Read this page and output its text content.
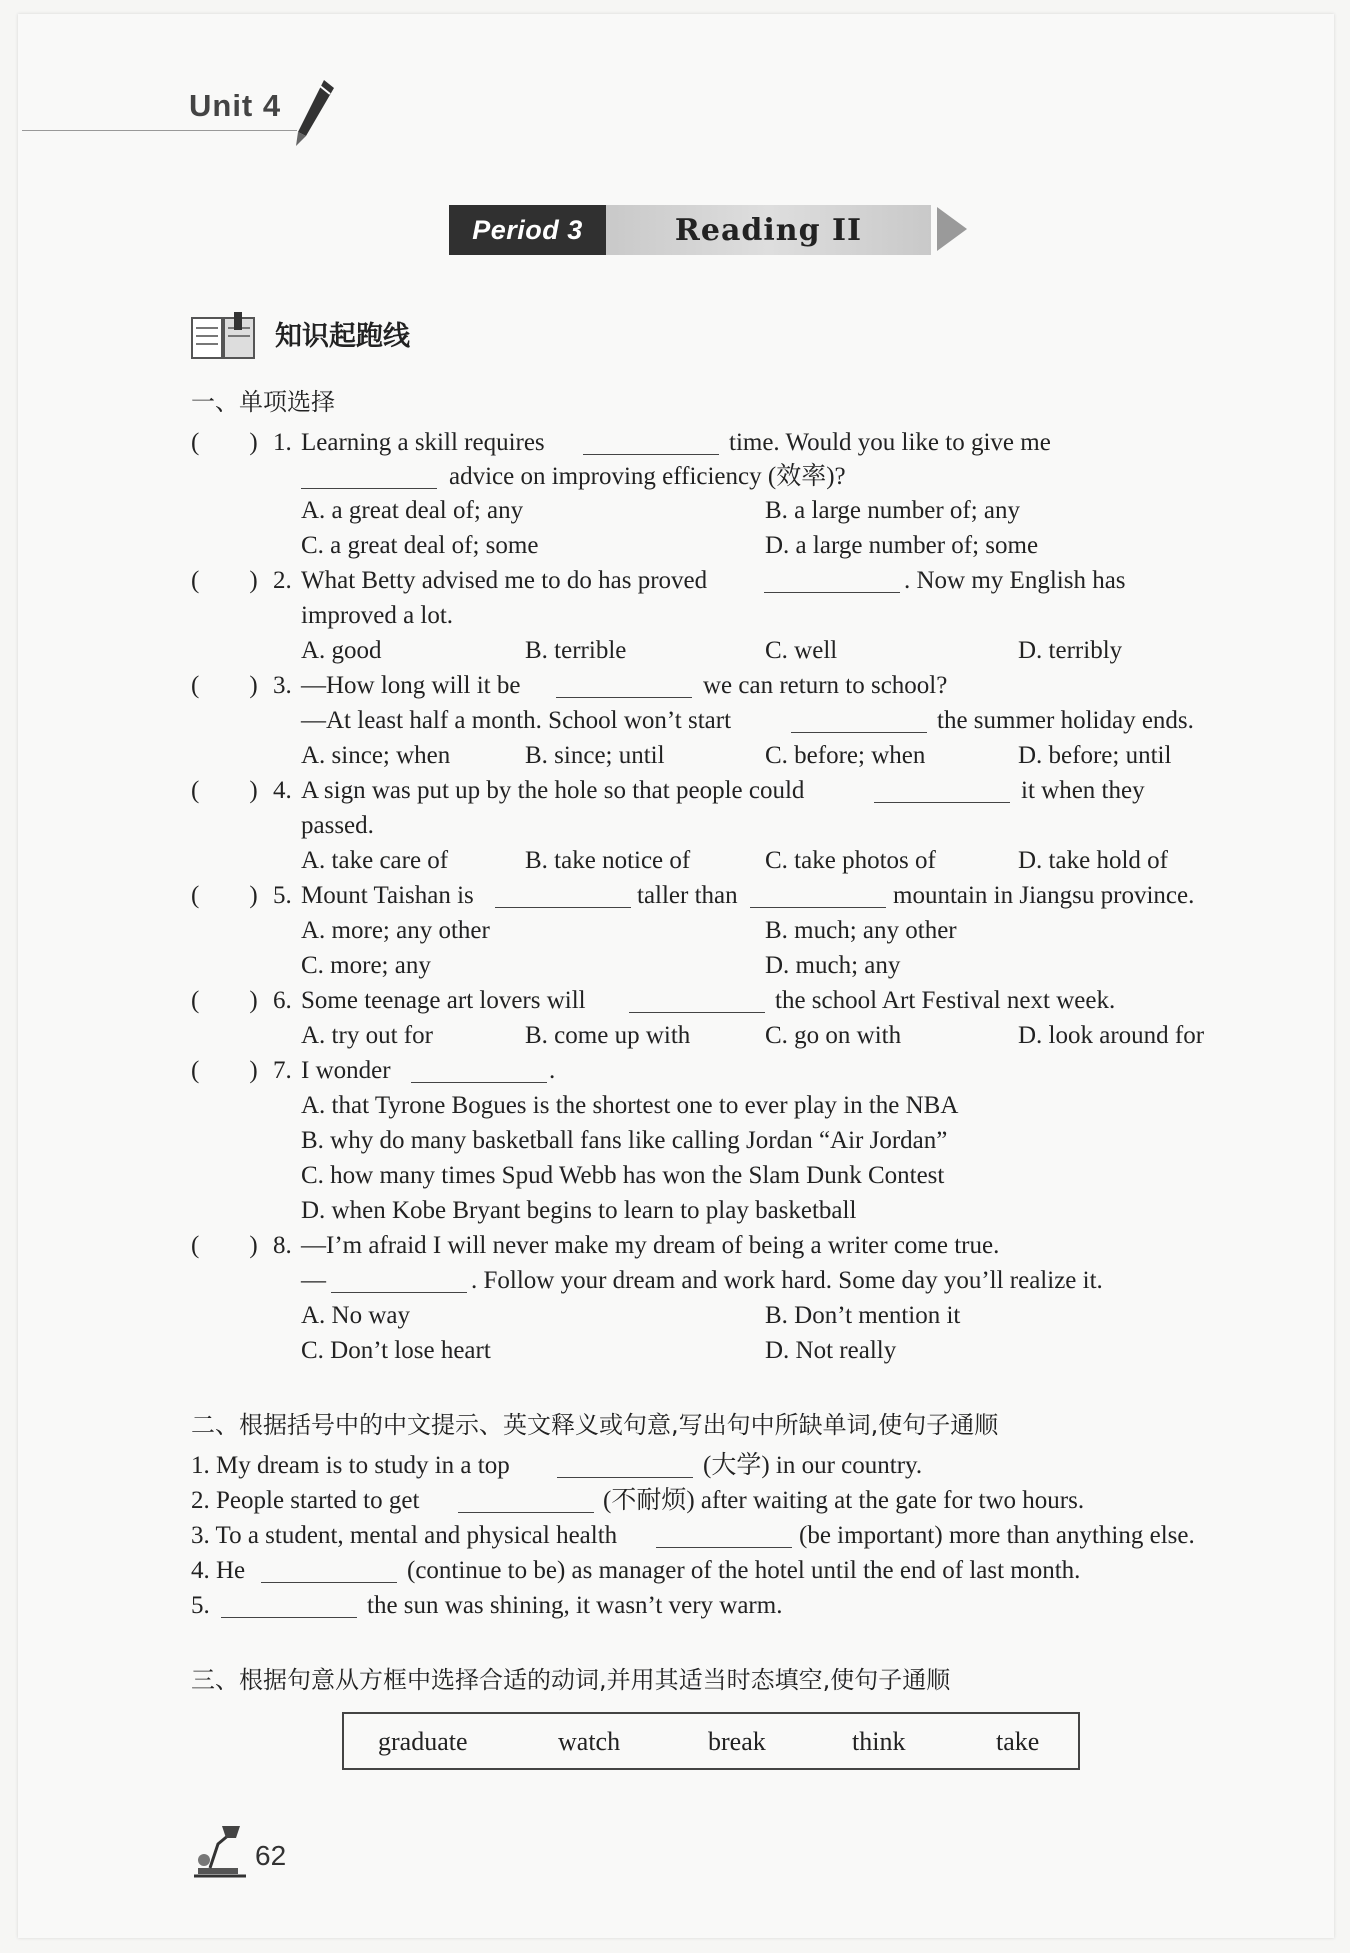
Unit 4
Period 3	Reading II
知识起跑线
一、单项选择
(        ) 1. Learning a skill requires	time. Would you like to give me
advice on improving efficiency (效率)?
A. a great deal of; any	B. a large number of; any
C. a great deal of; some	D. a large number of; some
(        ) 2. What Betty advised me to do has proved	. Now my English has
improved a lot.
A. good	B. terrible	C. well	D. terribly
(        ) 3. —How long will it be	we can return to school?
—At least half a month. School won’t start	the summer holiday ends.
A. since; when	B. since; until	C. before; when	D. before; until
(        ) 4. A sign was put up by the hole so that people could	it when they
passed.
A. take care of	B. take notice of	C. take photos of	D. take hold of
(        ) 5. Mount Taishan is	taller than	mountain in Jiangsu province.
A. more; any other	B. much; any other
C. more; any	D. much; any
(        ) 6. Some teenage art lovers will	the school Art Festival next week.
A. try out for	B. come up with	C. go on with	D. look around for
(        ) 7. I wonder	.
A. that Tyrone Bogues is the shortest one to ever play in the NBA
B. why do many basketball fans like calling Jordan “Air Jordan”
C. how many times Spud Webb has won the Slam Dunk Contest
D. when Kobe Bryant begins to learn to play basketball
(        ) 8. —I’m afraid I will never make my dream of being a writer come true.
—	. Follow your dream and work hard. Some day you’ll realize it.
A. No way	B. Don’t mention it
C. Don’t lose heart	D. Not really
二、根据括号中的中文提示、英文释义或句意,写出句中所缺单词,使句子通顺
1. My dream is to study in a top	(大学) in our country.
2. People started to get	(不耐烦) after waiting at the gate for two hours.
3. To a student, mental and physical health	(be important) more than anything else.
4. He	(continue to be) as manager of the hotel until the end of last month.
5.	the sun was shining, it wasn’t very warm.
三、根据句意从方框中选择合适的动词,并用其适当时态填空,使句子通顺
graduate	watch	break	think	take
62
